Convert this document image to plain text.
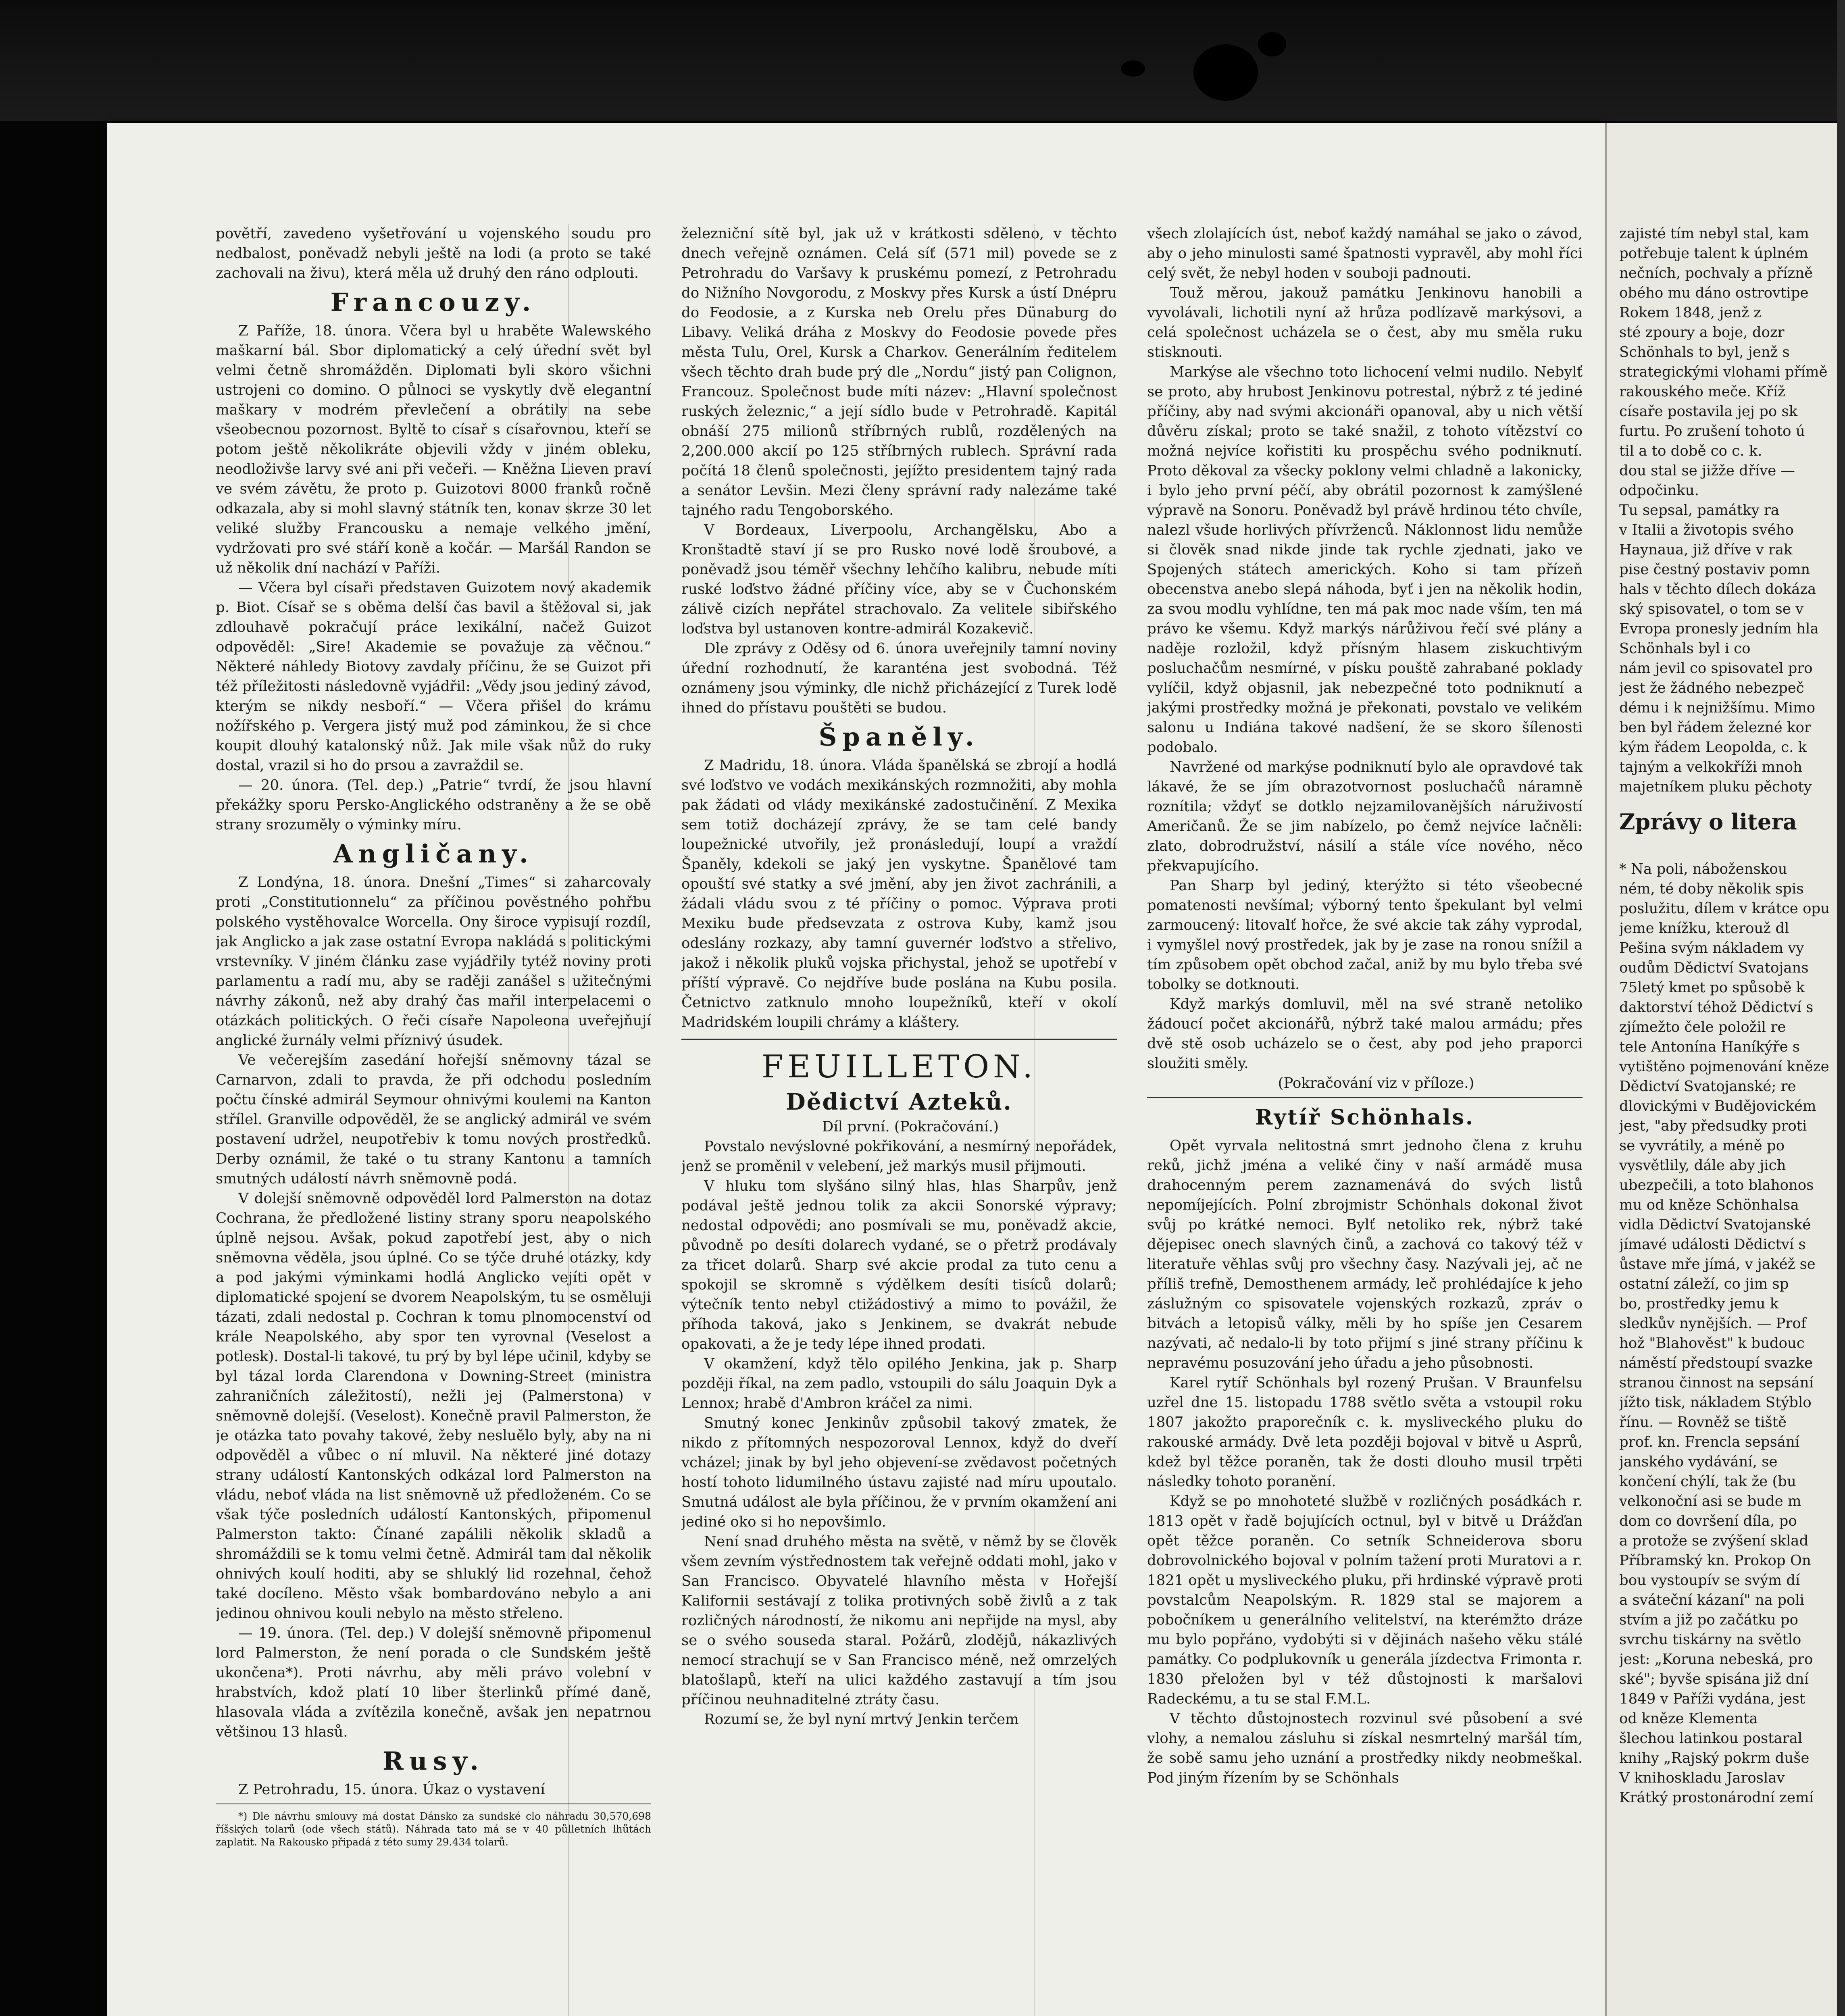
povětří, zavedeno vyšetřování u vojenského soudu pro nedbalost, poněvadž nebyli ještě na lodi (a proto se také zachovali na živu), která měla už druhý den ráno odplouti.

Francouzy.

Z Paříže, 18. února. Včera byl u hraběte Walewského maškarní bál. Sbor diplomatický a celý úřední svět byl velmi četně shromážděn. Diplomati byli skoro všichni ustrojeni co domino. O půlnoci se vyskytly dvě elegantní maškary v modrém převlečení a obrátily na sebe všeobecnou pozornost. Byltě to císař s císařovnou, kteří se potom ještě několikráte objevili vždy v jiném obleku, neodloživše larvy své ani při večeři. — Kněžna Lieven praví ve svém závětu, že proto p. Guizotovi 8000 franků ročně odkazala, aby si mohl slavný státník ten, konav skrze 30 let veliké služby Francousku a nemaje velkého jmění, vydržovati pro své stáří koně a kočár. — Maršál Randon se už několik dní nachází v Paříži.

— Včera byl císaři představen Guizotem nový akademik p. Biot. Císař se s oběma delší čas bavil a štěžoval si, jak zdlouhavě pokračují práce lexikální, načež Guizot odpověděl: „Sire! Akademie se považuje za věčnou.“ Některé náhledy Biotovy zavdaly příčinu, že se Guizot při též příležitosti následovně vyjádřil: „Vědy jsou jediný závod, kterým se nikdy nesboří.“ — Včera přišel do krámu nožířského p. Vergera jistý muž pod záminkou, že si chce koupit dlouhý katalonský nůž. Jak mile však nůž do ruky dostal, vrazil si ho do prsou a zavraždil se.

— 20. února. (Tel. dep.) „Patrie“ tvrdí, že jsou hlavní překážky sporu Persko-Anglického odstraněny a že se obě strany srozuměly o výminky míru.

Angličany.

Z Londýna, 18. února. Dnešní „Times“ si zaharcovaly proti „Constitutionnelu“ za příčinou pověstného pohřbu polského vystěhovalce Worcella. Ony široce vypisují rozdíl, jak Anglicko a jak zase ostatní Evropa nakládá s politickými vrstevníky. V jiném článku zase vyjádřily tytéž noviny proti parlamentu a radí mu, aby se raději zanášel s užitečnými návrhy zákonů, než aby drahý čas mařil interpelacemi o otázkách politických. O řeči císaře Napoleona uveřejňují anglické žurnály velmi příznivý úsudek.

Ve večerejším zasedání hořejší sněmovny tázal se Carnarvon, zdali to pravda, že při odchodu posledním počtu čínské admirál Seymour ohnivými koulemi na Kanton střílel. Granville odpověděl, že se anglický admirál ve svém postavení udržel, neupotřebiv k tomu nových prostředků. Derby oznámil, že také o tu strany Kantonu a tamních smutných událostí návrh sněmovně podá.

V dolejší sněmovně odpověděl lord Palmerston na dotaz Cochrana, že předložené listiny strany sporu neapolského úplně nejsou. Avšak, pokud zapotřebí jest, aby o nich sněmovna věděla, jsou úplné. Co se týče druhé otázky, kdy a pod jakými výminkami hodlá Anglicko vejíti opět v diplomatické spojení se dvorem Neapolským, tu se osměluji tázati, zdali nedostal p. Cochran k tomu plnomocenství od krále Neapolského, aby spor ten vyrovnal (Veselost a potlesk). Dostal-li takové, tu prý by byl lépe učinil, kdyby se byl tázal lorda Clarendona v Downing-Street (ministra zahraničních záležitostí), nežli jej (Palmerstona) v sněmovně dolejší. (Veselost). Konečně pravil Palmerston, že je otázka tato povahy takové, žeby nesluělo byly, aby na ni odpověděl a vůbec o ní mluvil. Na některé jiné dotazy strany událostí Kantonských odkázal lord Palmerston na vládu, neboť vláda na list sněmovně už předloženém. Co se však týče posledních událostí Kantonských, připomenul Palmerston takto: Čínané zapálili několik skladů a shromáždili se k tomu velmi četně. Admirál tam dal několik ohnivých koulí hoditi, aby se shluklý lid rozehnal, čehož také docíleno. Město však bombardováno nebylo a ani jedinou ohnivou kouli nebylo na město střeleno.

— 19. února. (Tel. dep.) V dolejší sněmovně připomenul lord Palmerston, že není porada o cle Sundském ještě ukončena*). Proti návrhu, aby měli právo volební v hrabstvích, kdož platí 10 liber šterlinků přímé daně, hlasovala vláda a zvítězila konečně, avšak jen nepatrnou většinou 13 hlasů.

Rusy.

Z Petrohradu, 15. února. Úkaz o vystavení

*) Dle návrhu smlouvy má dostat Dánsko za sundské clo náhradu 30,570,698 říšských tolarů (ode všech států). Náhrada tato má se v 40 půlletních lhůtách zaplatit. Na Rakousko připadá z této sumy 29.434 tolarů.

železniční sítě byl, jak už v krátkosti sděleno, v těchto dnech veřejně oznámen. Celá síť (571 mil) povede se z Petrohradu do Varšavy k pruskému pomezí, z Petrohradu do Nižního Novgorodu, z Moskvy přes Kursk a ústí Dnépru do Feodosie, a z Kurska neb Orelu přes Dünaburg do Libavy. Veliká dráha z Moskvy do Feodosie povede přes města Tulu, Orel, Kursk a Charkov. Generálním ředitelem všech těchto drah bude prý dle „Nordu“ jistý pan Colignon, Francouz. Společnost bude míti název: „Hlavní společnost ruských železnic,“ a její sídlo bude v Petrohradě. Kapitál obnáší 275 milionů stříbrných rublů, rozdělených na 2,200.000 akcií po 125 stříbrných rublech. Správní rada počítá 18 členů společnosti, jejížto presidentem tajný rada a senátor Levšin. Mezi členy správní rady nalezáme také tajného radu Tengoborského.

V Bordeaux, Liverpoolu, Archangělsku, Abo a Kronštadtě staví jí se pro Rusko nové lodě šroubové, a poněvadž jsou téměř všechny lehčího kalibru, nebude míti ruské loďstvo žádné příčiny více, aby se v Čuchonském zálivě cizích nepřátel strachovalo. Za velitele sibiřského loďstva byl ustanoven kontre-admirál Kozakevič.

Dle zprávy z Oděsy od 6. února uveřejnily tamní noviny úřední rozhodnutí, že karanténa jest svobodná. Též oznámeny jsou výminky, dle nichž přicházející z Turek lodě ihned do přístavu pouštěti se budou.

Španěly.

Z Madridu, 18. února. Vláda španělská se zbrojí a hodlá své loďstvo ve vodách mexikánských rozmnožiti, aby mohla pak žádati od vlády mexikánské zadostučinění. Z Mexika sem totiž docházejí zprávy, že se tam celé bandy loupežnické utvořily, jež pronásledují, loupí a vraždí Španěly, kdekoli se jaký jen vyskytne. Španělové tam opouští své statky a své jmění, aby jen život zachránili, a žádali vládu svou z té příčiny o pomoc. Výprava proti Mexiku bude předsevzata z ostrova Kuby, kamž jsou odeslány rozkazy, aby tamní guvernér loďstvo a střelivo, jakož i několik pluků vojska přichystal, jehož se upotřebí v příští výpravě. Co nejdříve bude poslána na Kubu posila. Četnictvo zatknulo mnoho loupežníků, kteří v okolí Madridském loupili chrámy a kláštery.

FEUILLETON.
Dědictví Azteků.

Díl první. (Pokračování.)

Povstalo nevýslovné pokřikování, a nesmírný nepořádek, jenž se proměnil v velebení, jež markýs musil přijmouti.

V hluku tom slyšáno silný hlas, hlas Sharpův, jenž podával ještě jednou tolik za akcii Sonorské výpravy; nedostal odpovědi; ano posmívali se mu, poněvadž akcie, původně po desíti dolarech vydané, se o přetrž prodávaly za třicet dolarů. Sharp své akcie prodal za tuto cenu a spokojil se skromně s výdělkem desíti tisíců dolarů; výtečník tento nebyl ctižádostivý a mimo to povážil, že příhoda taková, jako s Jenkinem, se dvakrát nebude opakovati, a že je tedy lépe ihned prodati.

V okamžení, když tělo opilého Jenkina, jak p. Sharp později říkal, na zem padlo, vstoupili do sálu Joaquin Dyk a Lennox; hrabě d'Ambron kráčel za nimi.

Smutný konec Jenkinův způsobil takový zmatek, že nikdo z přítomných nespozoroval Lennox, když do dveří vcházel; jinak by byl jeho objevení-se zvědavost početných hostí tohoto lidumilného ústavu zajisté nad míru upoutalo. Smutná událost ale byla příčinou, že v prvním okamžení ani jediné oko si ho nepovšimlo.

Není snad druhého města na světě, v němž by se člověk všem zevním výstřednostem tak veřejně oddati mohl, jako v San Francisco. Obyvatelé hlavního města v Hořejší Kalifornii sestávají z tolika protivných sobě živlů a z tak rozličných národností, že nikomu ani nepřijde na mysl, aby se o svého sousedа staral. Požárů, zlodějů, nákazlivých nemocí strachují se v San Francisco méně, než omrzelých blatošlapů, kteří na ulici každého zastavují a tím jsou příčinou neuhnaditelné ztráty času.

Rozumí se, že byl nyní mrtvý Jenkin terčem

všech zlolajících úst, neboť každý namáhal se jako o závod, aby o jeho minulosti samé špatnosti vypravěl, aby mohl říci celý svět, že nebyl hoden v souboji padnouti.

Touž měrou, jakouž památku Jenkinovu hanobili a vyvolávali, lichotili nyní až hrůza podlízavě markýsovi, a celá společnost ucházela se o čest, aby mu směla ruku stisknouti.

Markýse ale všechno toto lichocení velmi nudilo. Nebylť se proto, aby hrubost Jenkinovu potrestal, nýbrž z té jediné příčiny, aby nad svými akcionáři opanoval, aby u nich větší důvěru získal; proto se také snažil, z tohoto vítězství co možná nejvíce kořistiti ku prospěchu svého podniknutí. Proto děkoval za všecky poklony velmi chladně a lakonicky, i bylo jeho první péčí, aby obrátil pozornost k zamýšlené výpravě na Sonoru. Poněvadž byl právě hrdinou této chvíle, nalezl všude horlivých přívrženců. Náklonnost lidu nemůže si člověk snad nikde jinde tak rychle zjednati, jako ve Spojených státech amerických. Koho si tam přízeň obecenstva anebo slepá náhoda, byť i jen na několik hodin, za svou modlu vyhlídne, ten má pak moc nade vším, ten má právo ke všemu. Když markýs nárůživou řečí své plány a naděje rozložil, když přísným hlasem ziskuchtivým posluchačům nesmírné, v písku pouště zahrabané poklady vylíčil, když objasnil, jak nebezpečné toto podniknutí a jakými prostředky možná je překonati, povstalo ve velikém salonu u Indiána takové nadšení, že se skoro šílenosti podobalo.

Navržené od markýse podniknutí bylo ale opravdové tak lákavé, že se jím obrazotvornost posluchačů náramně roznítila; vždyť se dotklo nejzamilovanějších náruživostí Američanů. Že se jim nabízelo, po čemž nejvíce lačněli: zlato, dobrodružství, násilí a stále více nového, něco překvapujícího.

Pan Sharp byl jediný, kterýžto si této všeobecné pomatenosti nevšímal; výborný tento špekulant byl velmi zarmoucený: litovalť hořce, že své akcie tak záhy vyprodal, i vymyšlel nový prostředek, jak by je zase na ronou snížil a tím způsobem opět obchod začal, aniž by mu bylo třeba své tobolky se dotknouti.

Když markýs domluvil, měl na své straně netoliko žádoucí počet akcionářů, nýbrž také malou armádu; přes dvě stě osob ucházelo se o čest, aby pod jeho praporci sloužiti směly.

(Pokračování viz v příloze.)

Rytíř Schönhals.

Opět vyrvala nelitostná smrt jednoho člena z kruhu reků, jichž jména a veliké činy v naší armádě musa drahocenným perem zaznamenává do svých listů nepomíjejících. Polní zbrojmistr Schönhals dokonal život svůj po krátké nemoci. Bylť netoliko rek, nýbrž také dějepisec onech slavných činů, a zachová co takový též v literatuře věhlas svůj pro všechny časy. Nazývali jej, ač ne příliš trefně, Demosthenem armády, leč prohlédajíce k jeho záslužným co spisovatele vojenských rozkazů, zpráv o bitvách a letopisů války, měli by ho spíše jen Cesarem nazývati, ač nedalo-li by toto přijmí s jiné strany příčinu k nepravému posuzování jeho úřadu a jeho působnosti.

Karel rytíř Schönhals byl rozený Prušan. V Braunfelsu uzřel dne 15. listopadu 1788 světlo světa a vstoupil roku 1807 jakožto praporečník c. k. mysliveckého pluku do rakouské armády. Dvě leta později bojoval v bitvě u Asprů, kdež byl těžce poraněn, tak že dosti dlouho musil trpěti následky tohoto poranění.

Když se po mnohoteté službě v rozličných posádkách r. 1813 opět v řadě bojujících octnul, byl v bitvě u Drážďan opět těžce poraněn. Co setník Schneiderova sboru dobrovolnického bojoval v polním tažení proti Muratovi a r. 1821 opět u mysliveckého pluku, při hrdinské výpravě proti povstalcům Neapolským. R. 1829 stal se majorem a pobočníkem u generálního velitelství, na kterémžto dráze mu bylo popřáno, vydobýti si v dějinách našeho věku stálé památky. Co podplukovník u generála jízdectva Frimonta r. 1830 přeložen byl v též důstojnosti k maršalovi Radeckému, a tu se stal F.M.L.

V těchto důstojnostech rozvinul své působení a své vlohy, a nemalou zásluhu si získal nesmrtelný maršál tím, že sobě samu jeho uznání a prostředky nikdy neobmeškal. Pod jiným řízením by se Schönhals

zajisté tím nebyl stal, kam
potřebuje talent k úplném
nečních, pochvaly a přízně
obého mu dáno ostrovtipe
Rokem 1848, jenž z
sté zpoury a boje, dozr
Schönhals to byl, jenž s
strategickými vlohami přímě
rakouského meče. Kříž
císaře postavila jej po sk
furtu. Po zrušení tohoto ú
til a to době co c. k.
dou stal se jižže dříve —
odpočinku.
Tu sepsal, památky ra
v Italii a životopis svého
Haynaua, již dříve v rak
pise čestný postaviv pomn
hals v těchto dílech dokáza
ský spisovatel, o tom se v
Evropa pronesly jedním hla
Schönhals byl i co
nám jevil co spisovatel pro
jest že žádného nebezpeč
dému i k nejnižšímu. Mimo
ben byl řádem železné kor
kým řádem Leopolda, c. k
tajným a velkokříži mnoh
majetníkem pluku pěchoty
Zprávy o litera
* Na poli, náboženskou
ném, té doby několik spis
poslužitu, dílem v krátce opu
jeme knížku, kterouž dl
Pešina svým nákladem vy
oudům Dědictví Svatojans
75letý kmet po spůsobě k
daktorství téhož Dědictví s
zjímežto čele položil re
tele Antonína Haníkýře s
vytištěno pojmenování kněze
Dědictví Svatojanské; re
dlovickými v Budějovickém
jest, "aby předsudky proti
se vyvrátily, a méně po
vysvětlily, dále aby jich
ubezpečili, a toto blahonos
mu od kněze Schönhalsa
vidla Dědictví Svatojanské
jímavé události Dědictví s
ůstave mře jímá, v jakéž se
ostatní záleží, co jim sp
bo, prostředky jemu k
sledkův nynějších. — Prof
hož "Blahověst" k budouc
náměstí předstoupí svazke
stranou činnost na sepsání
jížto tisk, nákladem Stýblo
řínu. — Rovněž se tiště
prof. kn. Frencla sepsání
janského vydávání, se
končení chýlí, tak že (bu
velkonoční asi se bude m
dom co dovršení díla, po
a protože se zvýšení sklad
Příbramský kn. Prokop On
bou vystoupív se svým dí
a sváteční kázaní" na poli
stvím a již po začátku po
svrchu tiskárny na světlo
jest: „Koruna nebeská, pro
ské"; byvše spisána již dní
1849 v Paříži vydána, jest
od kněze Klementa
šlechou latinkou postaral
knihy „Rajský pokrm duše
V knihoskladu Jaroslav
Krátký prostonárodní zemí
